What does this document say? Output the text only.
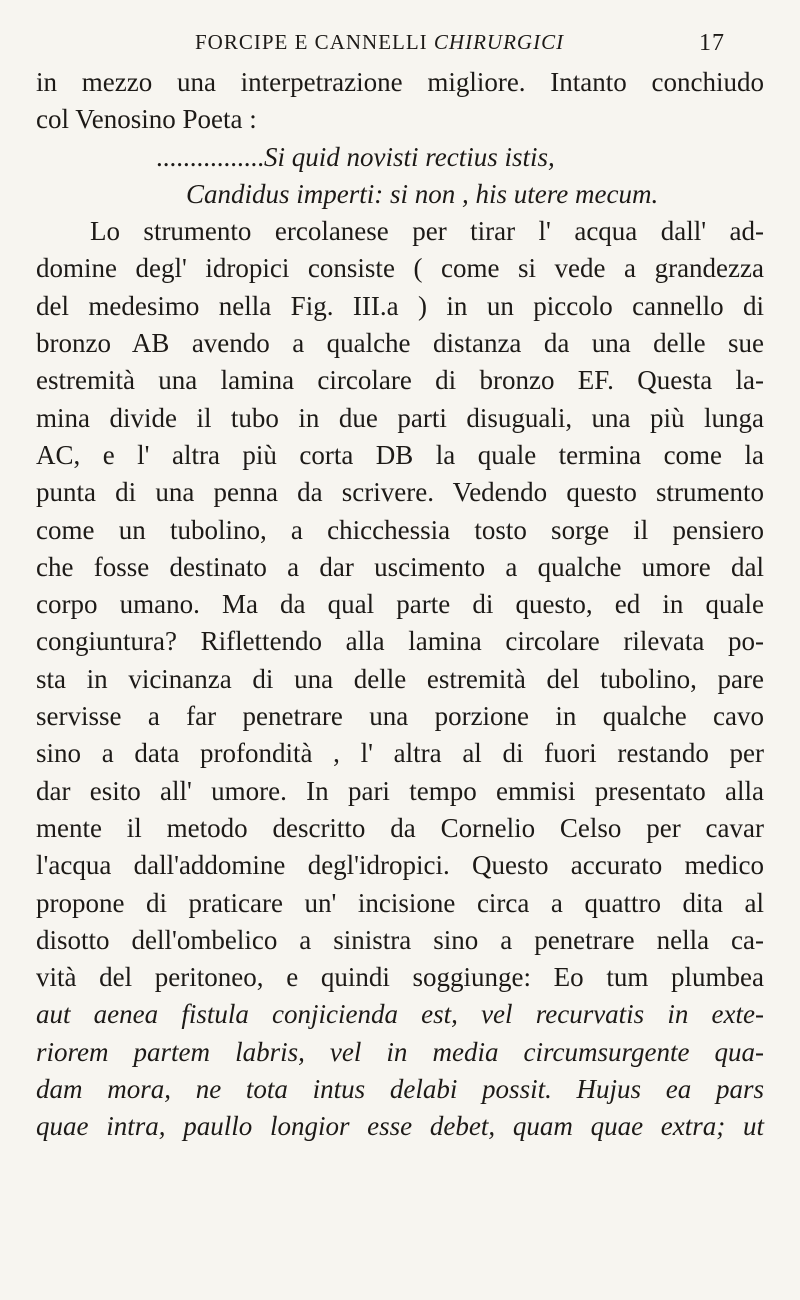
FORCIPE E CANNELLI CHIRURGICI	17
in mezzo una interpetrazione migliore. Intanto conchiudo
col Venosino Poeta :
................Si quid novisti rectius istis,
Candidus imperti: si non , his utere mecum.
Lo strumento ercolanese per tirar l' acqua dall' ad-
domine degl' idropici consiste ( come si vede a grandezza
del medesimo nella Fig. III.a ) in un piccolo cannello di
bronzo AB avendo a qualche distanza da una delle sue
estremità una lamina circolare di bronzo EF. Questa la-
mina divide il tubo in due parti disuguali, una più lunga
AC, e l' altra più corta DB la quale termina come la
punta di una penna da scrivere. Vedendo questo strumento
come un tubolino, a chicchessia tosto sorge il pensiero
che fosse destinato a dar uscimento a qualche umore dal
corpo umano. Ma da qual parte di questo, ed in quale
congiuntura? Riflettendo alla lamina circolare rilevata po-
sta in vicinanza di una delle estremità del tubolino, pare
servisse a far penetrare una porzione in qualche cavo
sino a data profondità , l' altra al di fuori restando per
dar esito all' umore. In pari tempo emmisi presentato alla
mente il metodo descritto da Cornelio Celso per cavar
l'acqua dall'addomine degl'idropici. Questo accurato medico
propone di praticare un' incisione circa a quattro dita al
disotto dell'ombelico a sinistra sino a penetrare nella ca-
vità del peritoneo, e quindi soggiunge: Eo tum plumbea
aut aenea fistula conjicienda est, vel recurvatis in exte-
riorem partem labris, vel in media circumsurgente qua-
dam mora, ne tota intus delabi possit. Hujus ea pars
quae intra, paullo longior esse debet, quam quae extra; ut
